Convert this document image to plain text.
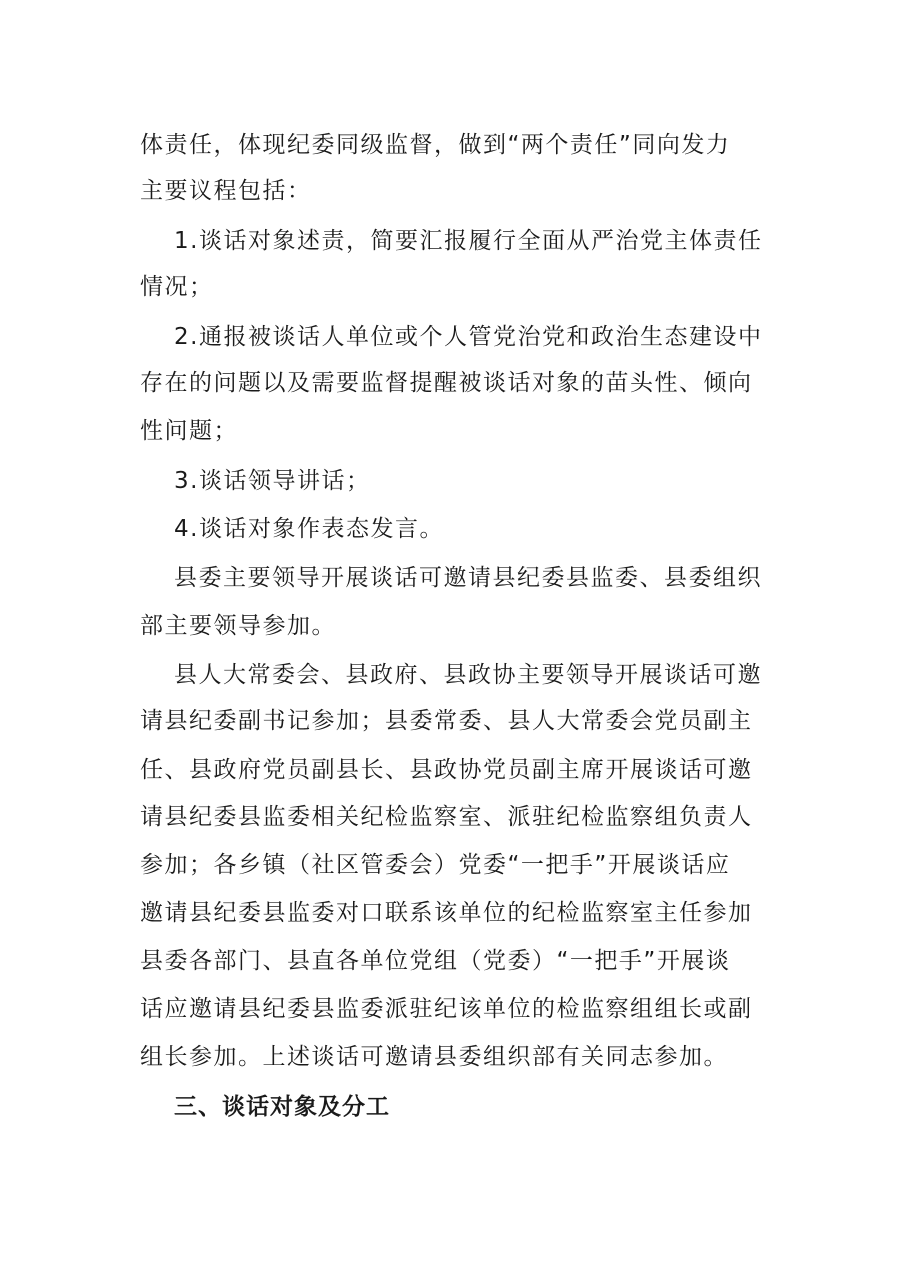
体责任，体现纪委同级监督，做到“两个责任”同向发力
主要议程包括：
1.谈话对象述责，简要汇报履行全面从严治党主体责任
情况；
2.通报被谈话人单位或个人管党治党和政治生态建设中
存在的问题以及需要监督提醒被谈话对象的苗头性、倾向
性问题；
3.谈话领导讲话；
4.谈话对象作表态发言。
县委主要领导开展谈话可邀请县纪委县监委、县委组织
部主要领导参加。
县人大常委会、县政府、县政协主要领导开展谈话可邀
请县纪委副书记参加；县委常委、县人大常委会党员副主
任、县政府党员副县长、县政协党员副主席开展谈话可邀
请县纪委县监委相关纪检监察室、派驻纪检监察组负责人
参加；各乡镇（社区管委会）党委“一把手”开展谈话应
邀请县纪委县监委对口联系该单位的纪检监察室主任参加
县委各部门、县直各单位党组（党委）“一把手”开展谈
话应邀请县纪委县监委派驻纪该单位的检监察组组长或副
组长参加。上述谈话可邀请县委组织部有关同志参加。
三、谈话对象及分工
